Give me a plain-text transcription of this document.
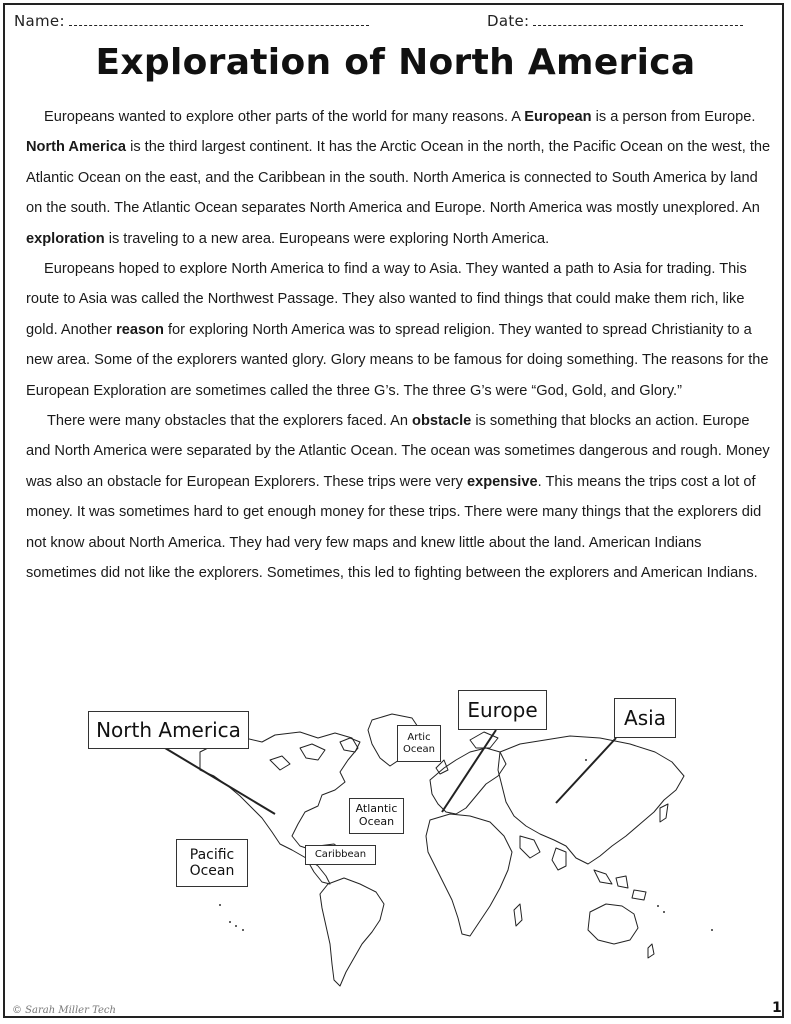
Name:	Date:
Exploration of North America

Europeans wanted to explore other parts of the world for many reasons. A European is a person from Europe. North America is the third largest continent. It has the Arctic Ocean in the north, the Pacific Ocean on the west, the Atlantic Ocean on the east, and the Caribbean in the south. North America is connected to South America by land on the south. The Atlantic Ocean separates North America and Europe. North America was mostly unexplored. An exploration is traveling to a new area. Europeans were exploring North America.

Europeans hoped to explore North America to find a way to Asia. They wanted a path to Asia for trading. This route to Asia was called the Northwest Passage. They also wanted to find things that could make them rich, like gold. Another reason for exploring North America was to spread religion. They wanted to spread Christianity to a new area. Some of the explorers wanted glory. Glory means to be famous for doing something. The reasons for the European Exploration are sometimes called the three G’s. The three G’s were “God, Gold, and Glory.”

There were many obstacles that the explorers faced. An obstacle is something that blocks an action. Europe and North America were separated by the Atlantic Ocean. The ocean was sometimes dangerous and rough. Money was also an obstacle for European Explorers. These trips were very expensive. This means the trips cost a lot of money. It was sometimes hard to get enough money for these trips. There were many things that the explorers did not know about North America. They had very few maps and knew little about the land. American Indians sometimes did not like the explorers. Sometimes, this led to fighting between the explorers and American Indians.

North America
Europe	Asia
Artic
Ocean
Atlantic
Ocean
Pacific
Ocean
Caribbean
© Sarah Miller Tech	1
